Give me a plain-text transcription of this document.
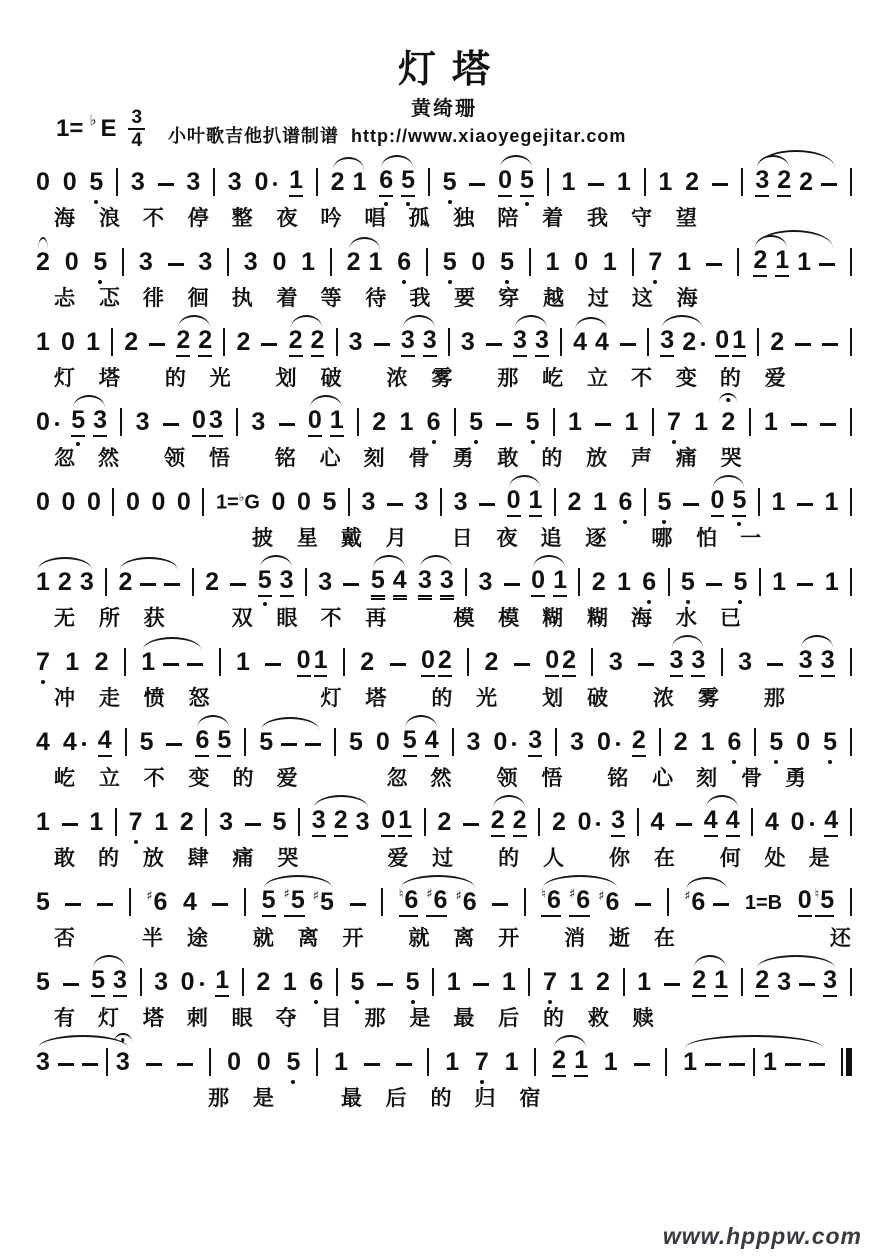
灯塔
黄绮珊
1= ♭ E $\frac{3}{4}$ 小叶歌吉他扒谱制谱  http://www.xiaoyegejitar.com
0 0 5 3 3 3 0 1 2 1 6 5 5 0 5 1 1 1 2 3 2 2
海 浪　不 停　整 夜　吟　唱　孤 独　陪 着 我　守 望
2 0 5 3 3 3 0 1 2 1 6 5 0 5 1 0 1 7 1 2 1 1
忐 忑　徘 徊　执 着　等 待　我 要　穿 越 过　这 海
1 0 1 2 2 2 2 2 2 3 3 3 3 3 3 4 4 3 2 0 1 2
灯 塔　　的 光　　划 破　　浓 雾　　那 屹 立　不 变　的 爱
0 5 3 3 0 3 3 0 1 2 1 6 5 5 1 1 7 1 2 1
忽　然　　领 悟　　铭 心　刻 骨　勇 敢　的 放 声 痛 哭
0 0 0 0 0 0 1=♭G 0 0 5 3 3 3 0 1 2 1 6 5 0 5 1 1
　　　　　　　　　披 星　戴 月　　日 夜　追 逐　　哪 怕　一
1 2 3 2	2 5 3 3 5 4 3 3 3 0 1 2 1 6 5 5 1 1
无 所 获　　　双 眼　不 再　　　模 模　糊 糊　海 水　已
7 1 2 1	1 0 1 2 0 2 2 0 2 3 3 3 3 3 3
冲 走 愤 怒　　　　　灯 塔　　的 光　　划 破　　浓 雾　　那
4 4 4 5 6 5 5	5 0 5 4 3 0 3 3 0 2 2 1 6 5 0 5
屹 立 不 变　的　爱　　　　忽　然　　领 悟　　铭 心　刻 骨　勇
1 1 7 1 2 3 5 3 2 3 0 1 2 2 2 2 0 3 4 4 4 4 0 4
敢　的 放 肆 痛 哭　　　　爱 过　　的 人　　你 在　　何 处　是
5	♯6 4	5 ♯5 ♯5	♮6 ♯6 ♯6	♮6 ♯6 ♯6	♯6 1=B 0 ♮5
否　　　半 途　　就 离 开　　就 离 开　　消 逝 在　　　　　　　还
5 5 3 3 0 1 2 1 6 5 5 1 1 7 1 2 1 2 1 2 3 3
有　灯 塔　刺 眼　夺 目　那 是　最 后 的 救 赎
3	3	0 0 5 1	1 7 1 2 1 1	1	1
　　　　　　　那 是　　　最 后 的　归 宿
www.hpppw.com
